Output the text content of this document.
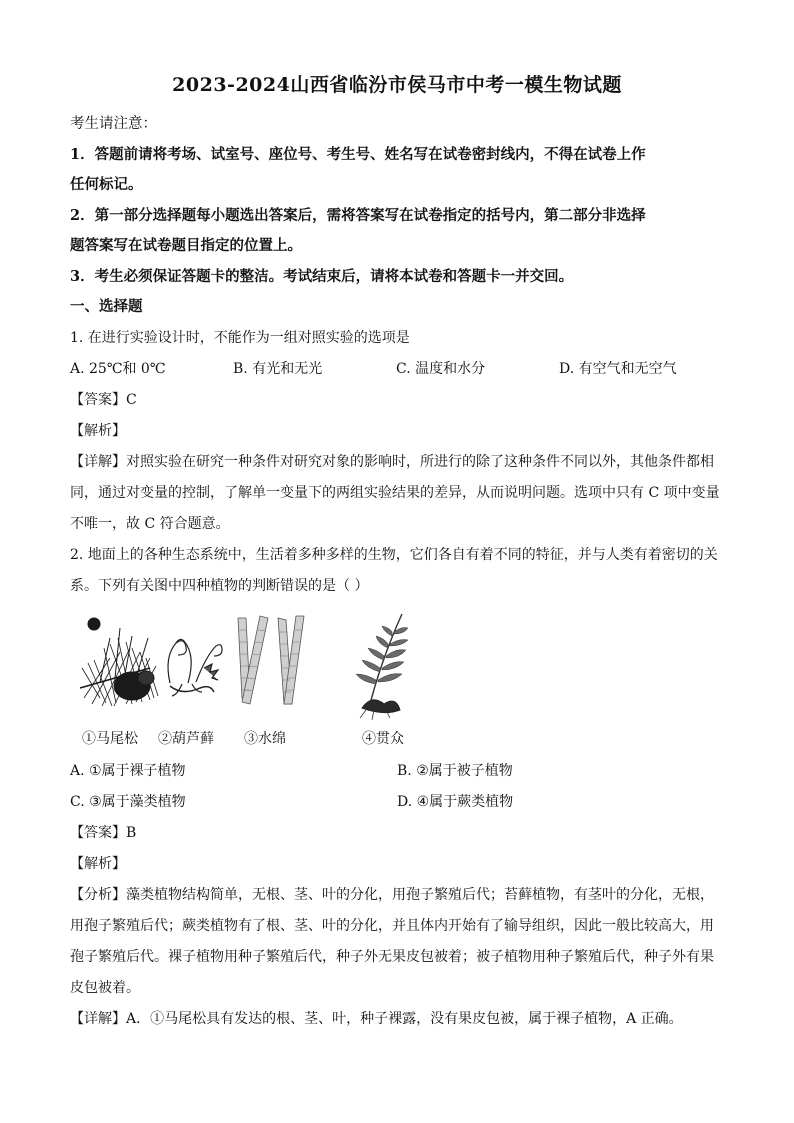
2023-2024山西省临汾市侯马市中考一模生物试题

考生请注意：

1．答题前请将考场、试室号、座位号、考生号、姓名写在试卷密封线内，不得在试卷上作

任何标记。

2．第一部分选择题每小题选出答案后，需将答案写在试卷指定的括号内，第二部分非选择

题答案写在试卷题目指定的位置上。

3．考生必须保证答题卡的整洁。考试结束后，请将本试卷和答题卡一并交回。

一、选择题

1. 在进行实验设计时，不能作为一组对照实验的选项是

A. 25℃和 0℃	B. 有光和无光	C. 温度和水分	D. 有空气和无空气

【答案】C

【解析】

【详解】对照实验在研究一种条件对研究对象的影响时，所进行的除了这种条件不同以外，其他条件都相

同，通过对变量的控制，了解单一变量下的两组实验结果的差异，从而说明问题。选项中只有 C 项中变量

不唯一，故 C 符合题意。

2. 地面上的各种生态系统中，生活着多种多样的生物，它们各自有着不同的特征，并与人类有着密切的关

系。下列有关图中四种植物的判断错误的是（ ）

①马尾松	②葫芦藓	③水绵	④贯众
A. ①属于裸子植物	B. ②属于被子植物
C. ③属于藻类植物	D. ④属于蕨类植物

【答案】B

【解析】

【分析】藻类植物结构简单，无根、茎、叶的分化，用孢子繁殖后代；苔藓植物，有茎叶的分化，无根，

用孢子繁殖后代；蕨类植物有了根、茎、叶的分化，并且体内开始有了输导组织，因此一般比较高大，用

孢子繁殖后代。裸子植物用种子繁殖后代，种子外无果皮包被着；被子植物用种子繁殖后代，种子外有果

皮包被着。

【详解】A．①马尾松具有发达的根、茎、叶，种子裸露，没有果皮包被，属于裸子植物，A 正确。
